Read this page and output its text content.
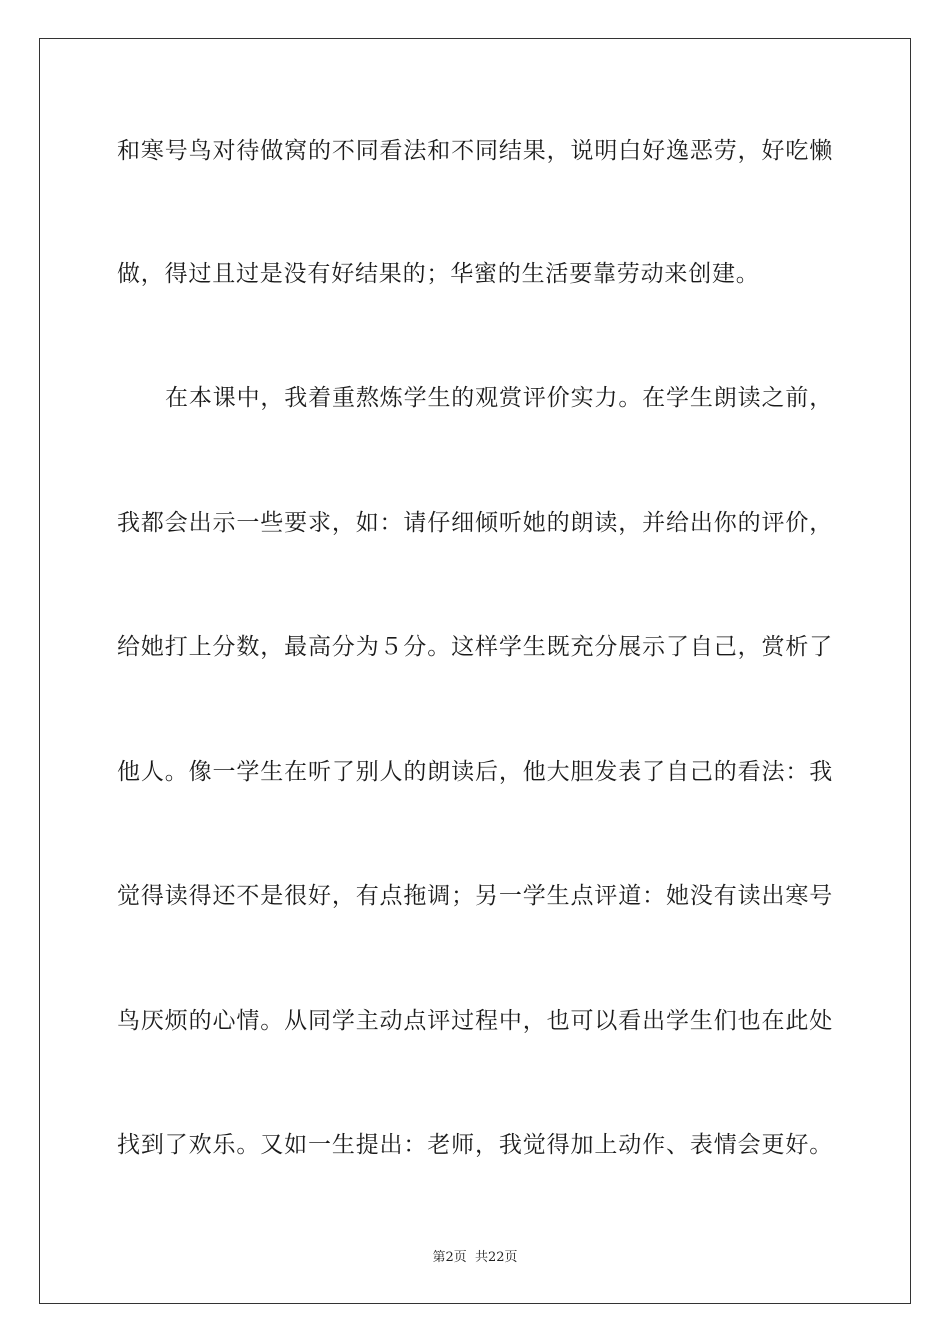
和寒号鸟对待做窝的不同看法和不同结果，说明白好逸恶劳，好吃懒

做，得过且过是没有好结果的；华蜜的生活要靠劳动来创建。

在本课中，我着重熬炼学生的观赏评价实力。在学生朗读之前，

我都会出示一些要求，如：请仔细倾听她的朗读，并给出你的评价，

给她打上分数，最高分为５分。这样学生既充分展示了自己，赏析了

他人。像一学生在听了别人的朗读后，他大胆发表了自己的看法：我

觉得读得还不是很好，有点拖调；另一学生点评道：她没有读出寒号

鸟厌烦的心情。从同学主动点评过程中，也可以看出学生们也在此处

找到了欢乐。又如一生提出：老师，我觉得加上动作、表情会更好。

第2页 共22页
